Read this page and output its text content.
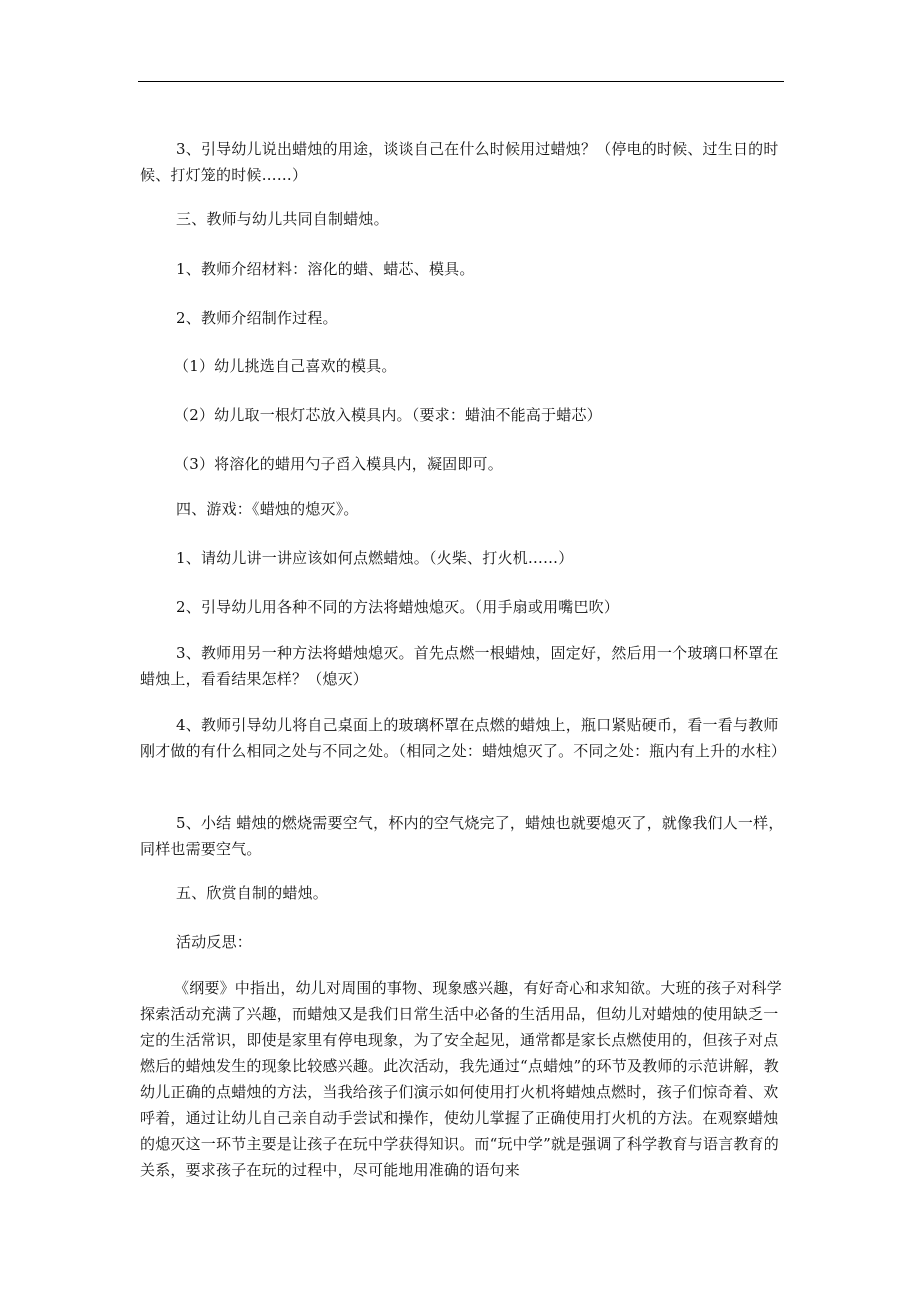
3、引导幼儿说出蜡烛的用途，谈谈自己在什么时候用过蜡烛？（停电的时候、过生日的时候、打灯笼的时候……）

三、教师与幼儿共同自制蜡烛。

1、教师介绍材料：溶化的蜡、蜡芯、模具。

2、教师介绍制作过程。

（1）幼儿挑选自己喜欢的模具。

（2）幼儿取一根灯芯放入模具内。（要求：蜡油不能高于蜡芯）

（3）将溶化的蜡用勺子舀入模具内，凝固即可。

四、游戏：《蜡烛的熄灭》。

1、请幼儿讲一讲应该如何点燃蜡烛。（火柴、打火机……）

2、引导幼儿用各种不同的方法将蜡烛熄灭。（用手扇或用嘴巴吹）

3、教师用另一种方法将蜡烛熄灭。首先点燃一根蜡烛，固定好，然后用一个玻璃口杯罩在蜡烛上，看看结果怎样？（熄灭）

4、教师引导幼儿将自己桌面上的玻璃杯罩在点燃的蜡烛上，瓶口紧贴硬币，看一看与教师刚才做的有什么相同之处与不同之处。（相同之处：蜡烛熄灭了。不同之处：瓶内有上升的水柱）

5、小结 蜡烛的燃烧需要空气，杯内的空气烧完了，蜡烛也就要熄灭了，就像我们人一样，同样也需要空气。

五、欣赏自制的蜡烛。

活动反思：

《纲要》中指出，幼儿对周围的事物、现象感兴趣，有好奇心和求知欲。大班的孩子对科学探索活动充满了兴趣，而蜡烛又是我们日常生活中必备的生活用品，但幼儿对蜡烛的使用缺乏一定的生活常识，即使是家里有停电现象，为了安全起见，通常都是家长点燃使用的，但孩子对点燃后的蜡烛发生的现象比较感兴趣。此次活动，我先通过“点蜡烛”的环节及教师的示范讲解，教幼儿正确的点蜡烛的方法，当我给孩子们演示如何使用打火机将蜡烛点燃时，孩子们惊奇着、欢呼着，通过让幼儿自己亲自动手尝试和操作，使幼儿掌握了正确使用打火机的方法。在观察蜡烛的熄灭这一环节主要是让孩子在玩中学获得知识。而“玩中学”就是强调了科学教育与语言教育的关系，要求孩子在玩的过程中，尽可能地用准确的语句来
